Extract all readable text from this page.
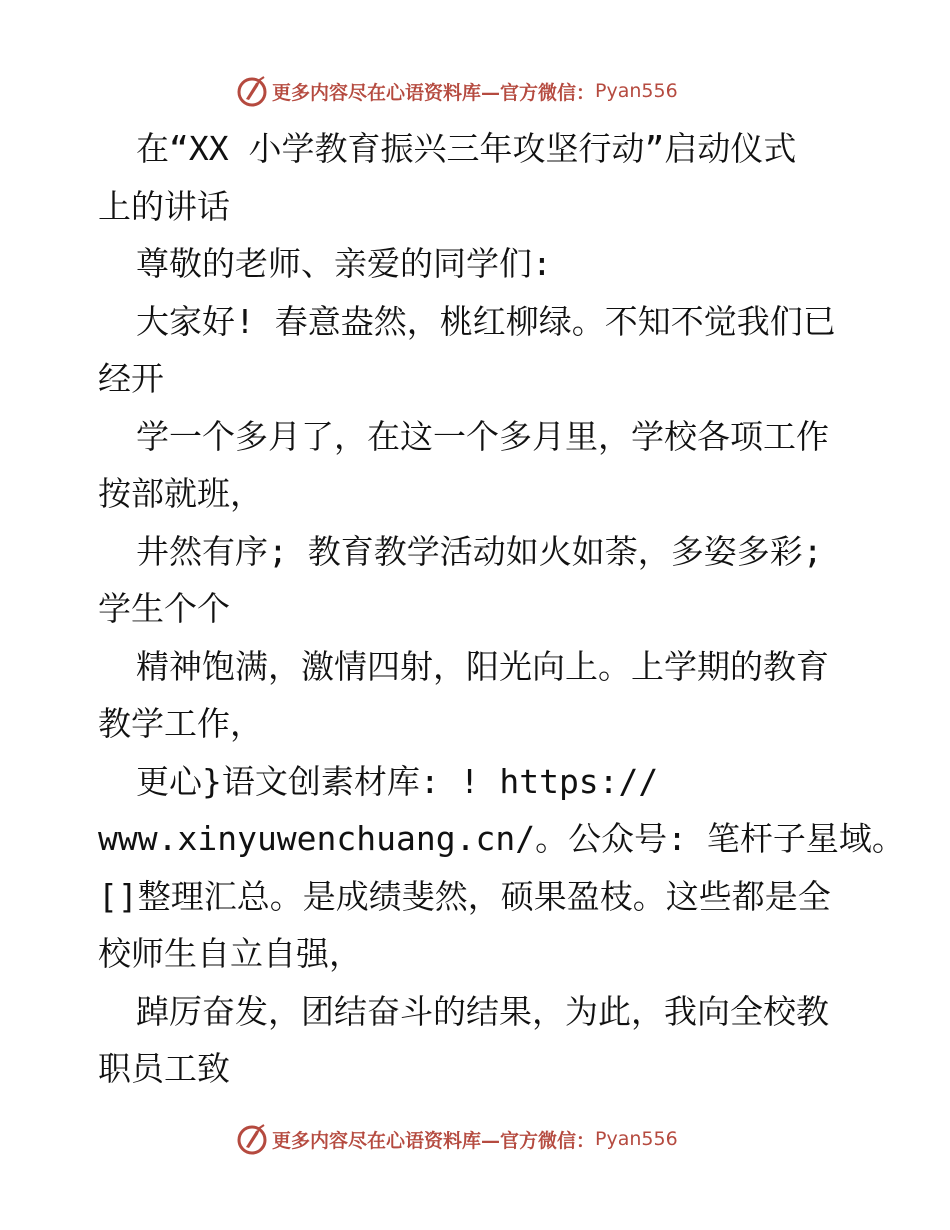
更多内容尽在心语资料库—官方微信： Pyan556
在“XX 小学教育振兴三年攻坚行动”启动仪式
上的讲话
尊敬的老师、亲爱的同学们:
大家好! 春意盎然，桃红柳绿。不知不觉我们已
经开
学一个多月了，在这一个多月里，学校各项工作
按部就班，
井然有序; 教育教学活动如火如荼，多姿多彩;
学生个个
精神饱满，激情四射，阳光向上。上学期的教育
教学工作，
更心}语文创素材库: ! https://
www.xinyuwenchuang.cn/。公众号: 笔杆子星域。
[]整理汇总。是成绩斐然，硕果盈枝。这些都是全
校师生自立自强，
踔厉奋发，团结奋斗的结果，为此，我向全校教
职员工致
更多内容尽在心语资料库—官方微信： Pyan556
